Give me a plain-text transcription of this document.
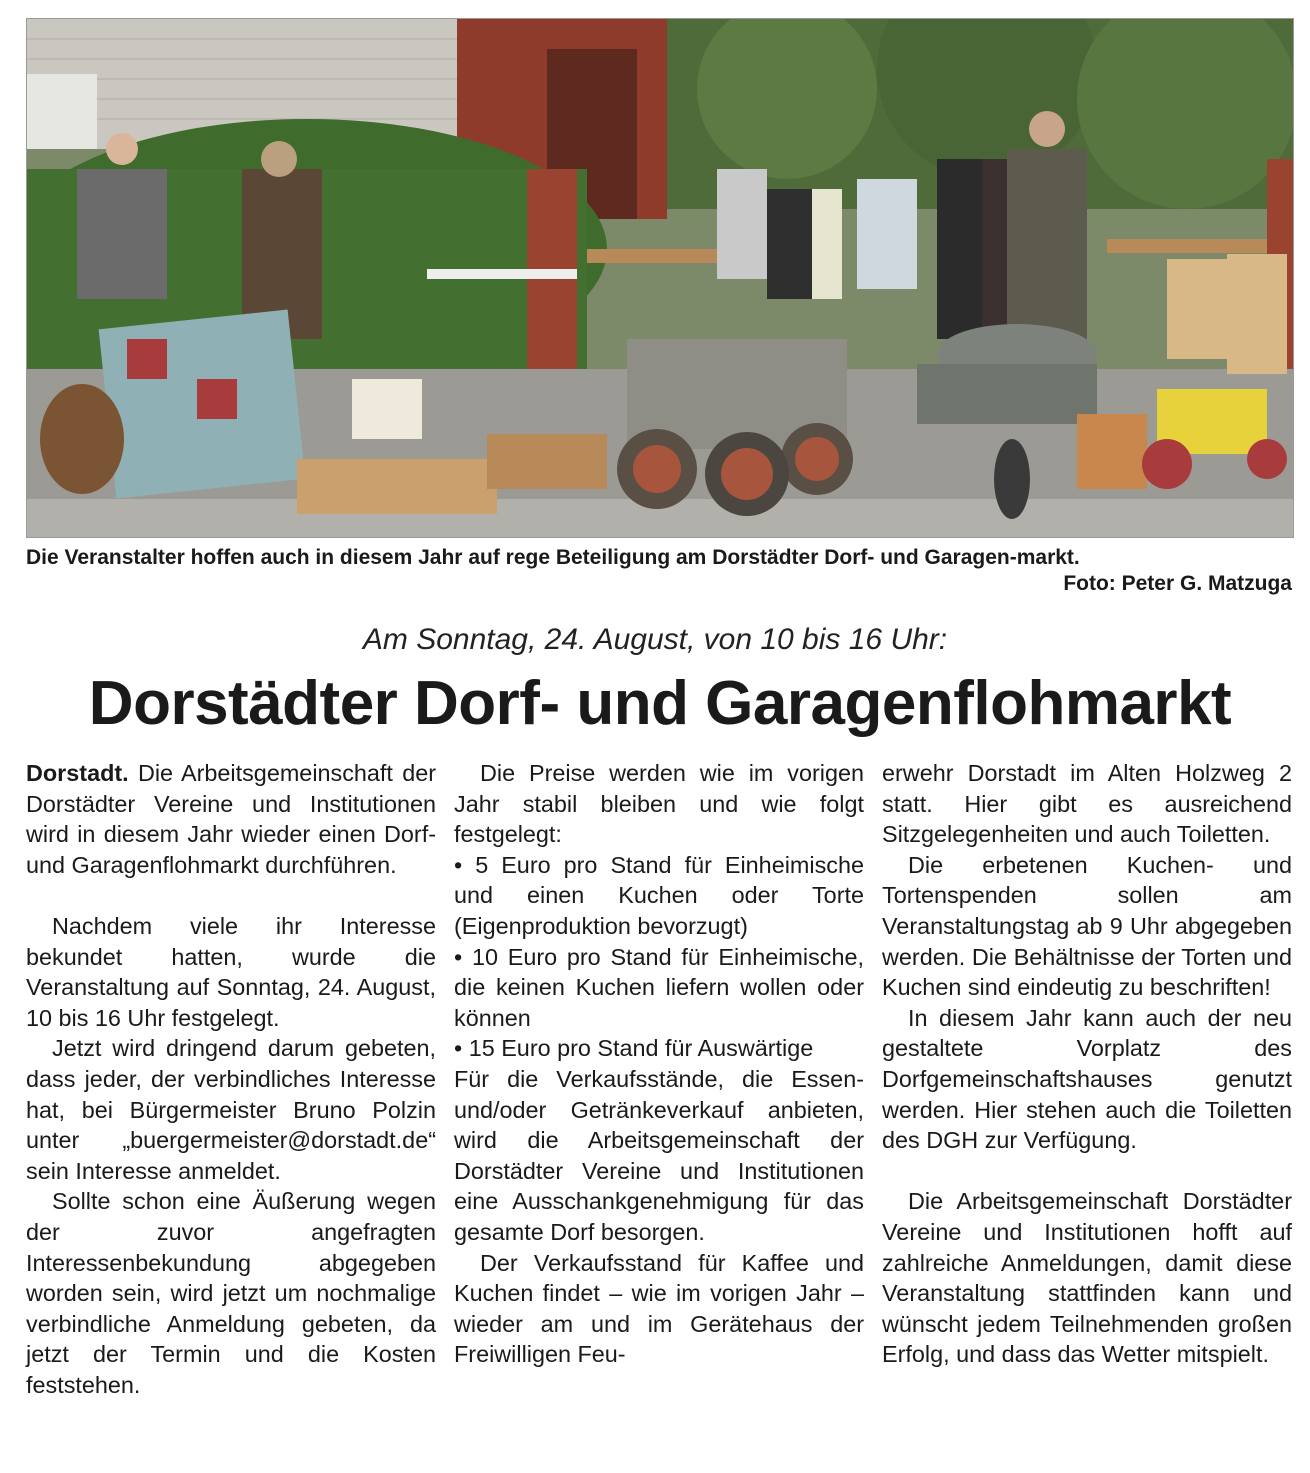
Die Veranstalter hoffen auch in diesem Jahr auf rege Beteiligung am Dorstädter Dorf- und Garagen-markt.
Foto: Peter G. Matzuga
Am Sonntag, 24. August, von 10 bis 16 Uhr:
Dorstädter Dorf- und Garagenflohmarkt

Dorstadt. Die Arbeitsgemeinschaft der Dorstädter Vereine und Institutionen wird in diesem Jahr wieder einen Dorf- und Garagenflohmarkt durchführen.

Nachdem viele ihr Interesse bekundet hatten, wurde die Veranstaltung auf Sonntag, 24. August, 10 bis 16 Uhr festgelegt.

Jetzt wird dringend darum gebeten, dass jeder, der verbindliches Interesse hat, bei Bürgermeister Bruno Polzin unter „buergermeister@dorstadt.de“ sein Interesse anmeldet.

Sollte schon eine Äußerung wegen der zuvor angefragten Interessenbekundung abgegeben worden sein, wird jetzt um nochmalige verbindliche Anmeldung gebeten, da jetzt der Termin und die Kosten feststehen.

Die Preise werden wie im vorigen Jahr stabil bleiben und wie folgt festgelegt:

• 5 Euro pro Stand für Einheimische und einen Kuchen oder Torte (Eigenproduktion bevorzugt)

• 10 Euro pro Stand für Einheimische, die keinen Kuchen liefern wollen oder können

• 15 Euro pro Stand für Auswärtige

Für die Verkaufsstände, die Essen- und/oder Getränkeverkauf anbieten, wird die Arbeitsgemeinschaft der Dorstädter Vereine und Institutionen eine Ausschankgenehmigung für das gesamte Dorf besorgen.

Der Verkaufsstand für Kaffee und Kuchen findet – wie im vorigen Jahr – wieder am und im Gerätehaus der Freiwilligen Feu-

erwehr Dorstadt im Alten Holzweg 2 statt. Hier gibt es ausreichend Sitzgelegenheiten und auch Toiletten.

Die erbetenen Kuchen- und Tortenspenden sollen am Veranstaltungstag ab 9 Uhr abgegeben werden. Die Behältnisse der Torten und Kuchen sind eindeutig zu beschriften!

In diesem Jahr kann auch der neu gestaltete Vorplatz des Dorfgemeinschaftshauses genutzt werden. Hier stehen auch die Toiletten des DGH zur Verfügung.

Die Arbeitsgemeinschaft Dorstädter Vereine und Institutionen hofft auf zahlreiche Anmeldungen, damit diese Veranstaltung stattfinden kann und wünscht jedem Teilnehmenden großen Erfolg, und dass das Wetter mitspielt.
